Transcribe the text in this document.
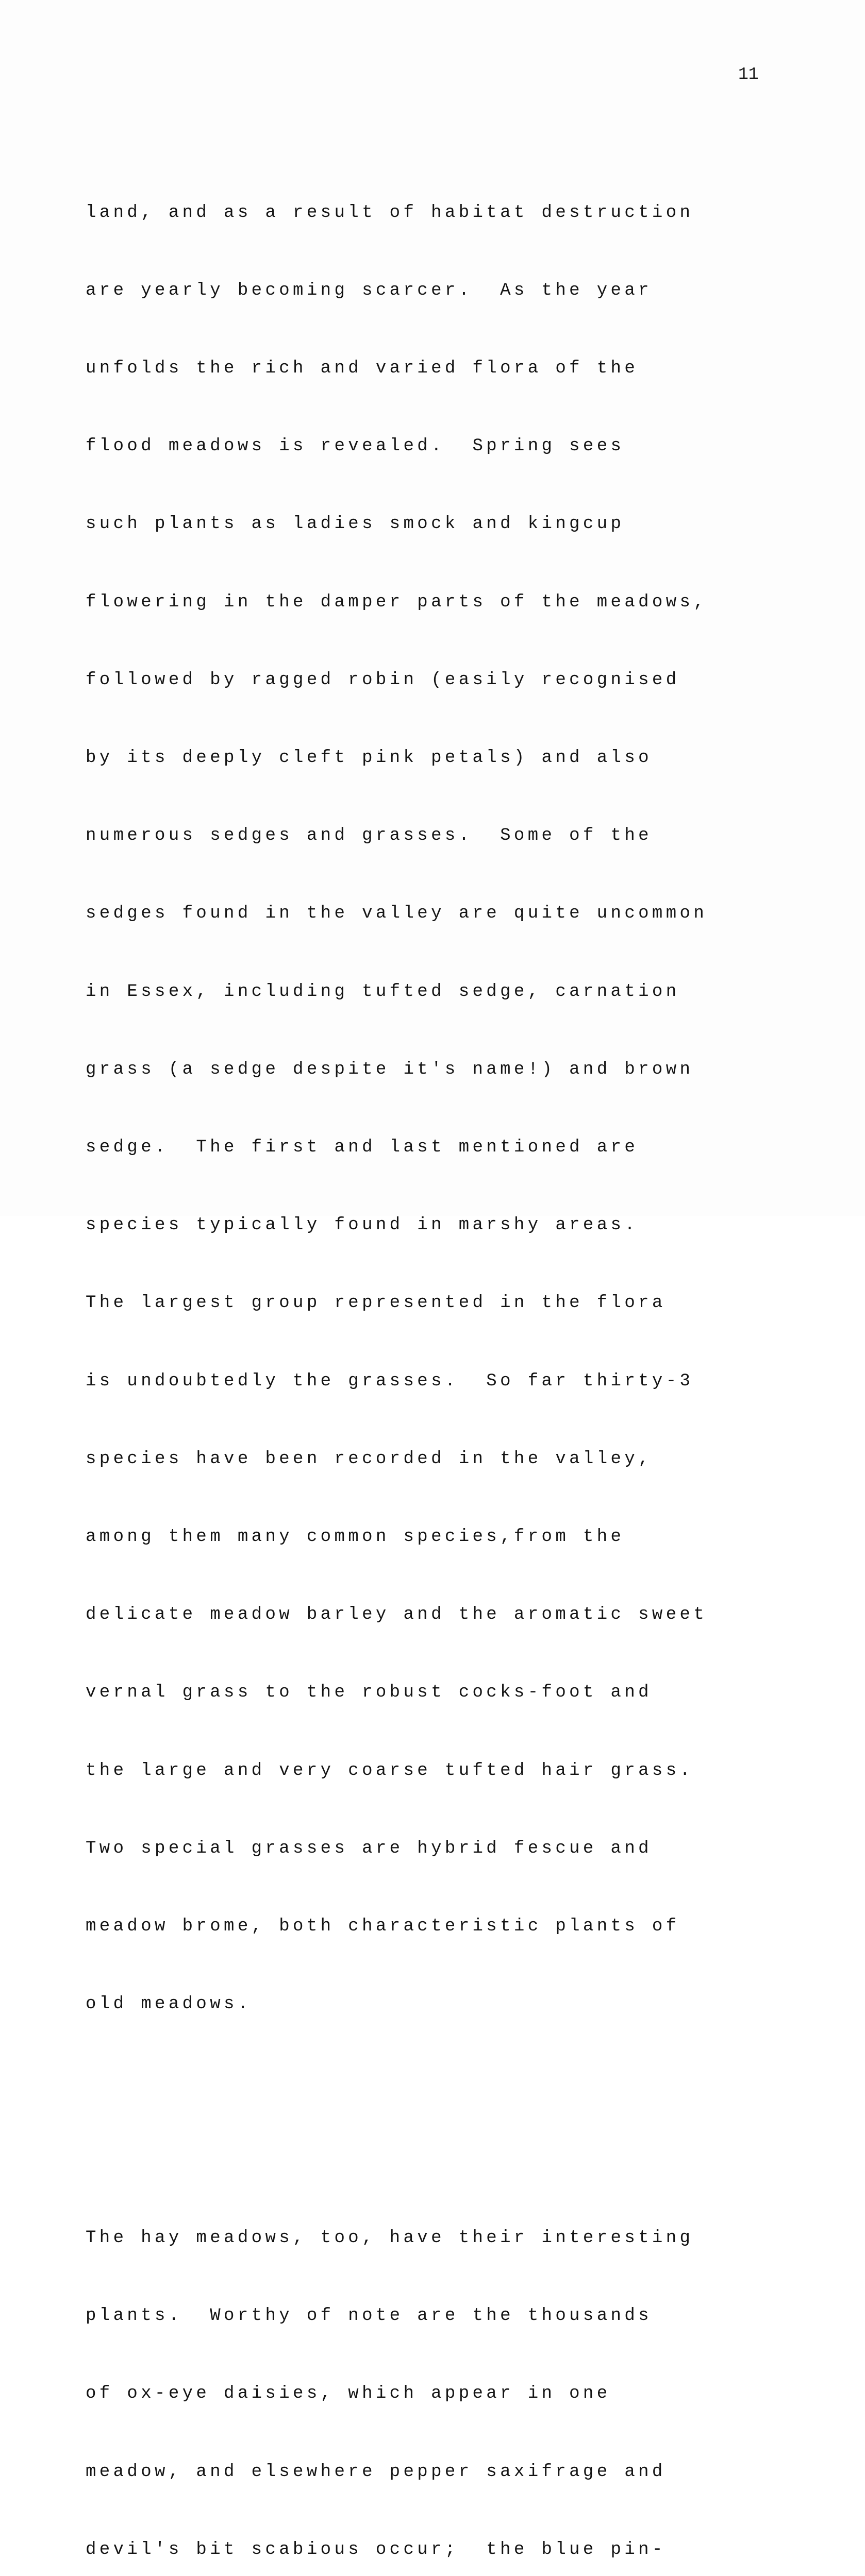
11

land, and as a result of habitat destruction

are yearly becoming scarcer.  As the year

unfolds the rich and varied flora of the

flood meadows is revealed.  Spring sees

such plants as ladies smock and kingcup

flowering in the damper parts of the meadows,

followed by ragged robin (easily recognised

by its deeply cleft pink petals) and also

numerous sedges and grasses.  Some of the

sedges found in the valley are quite uncommon

in Essex, including tufted sedge, carnation

grass (a sedge despite it's name!) and brown

sedge.  The first and last mentioned are

species typically found in marshy areas.

The largest group represented in the flora

is undoubtedly the grasses.  So far thirty-3

species have been recorded in the valley,

among them many common species,from the

delicate meadow barley and the aromatic sweet

vernal grass to the robust cocks-foot and

the large and very coarse tufted hair grass.

Two special grasses are hybrid fescue and

meadow brome, both characteristic plants of

old meadows.

The hay meadows, too, have their interesting

plants.  Worthy of note are the thousands

of ox-eye daisies, which appear in one

meadow, and elsewhere pepper saxifrage and

devil's bit scabious occur;  the blue pin-
